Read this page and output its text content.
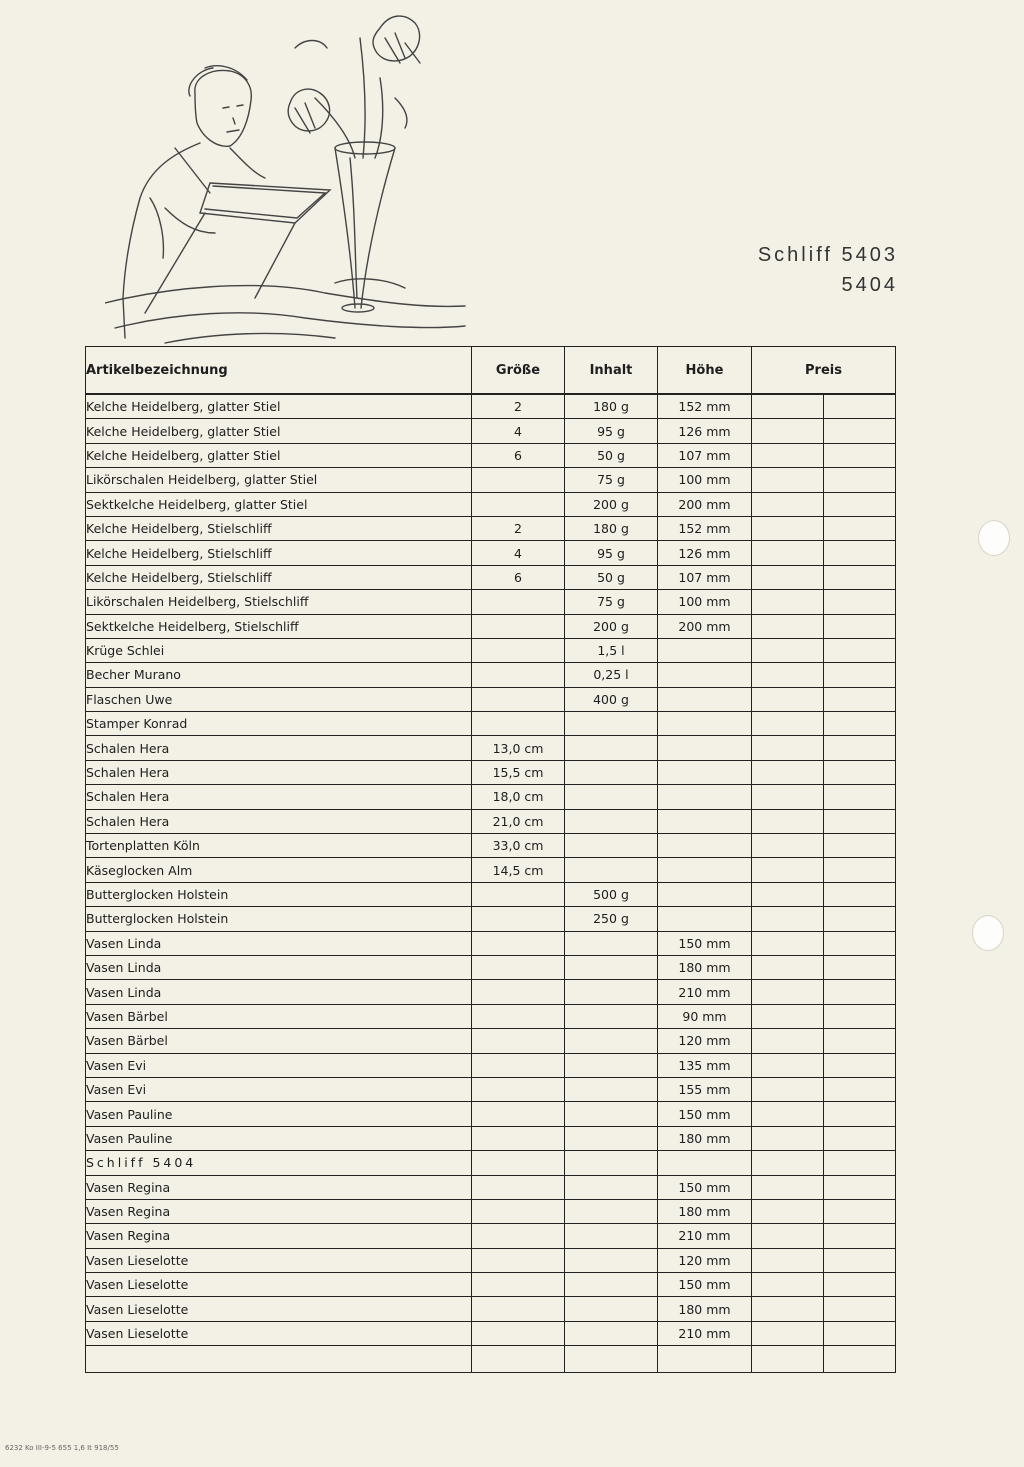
Schliff 5403
5404
Artikelbezeichnung	Größe	Inhalt	Höhe	Preis	
Kelche Heidelberg, glatter Stiel	2	180 g	152 mm		
Kelche Heidelberg, glatter Stiel	4	95 g	126 mm		
Kelche Heidelberg, glatter Stiel	6	50 g	107 mm		
Likörschalen Heidelberg, glatter Stiel		75 g	100 mm		
Sektkelche Heidelberg, glatter Stiel		200 g	200 mm		
Kelche Heidelberg, Stielschliff	2	180 g	152 mm		
Kelche Heidelberg, Stielschliff	4	95 g	126 mm		
Kelche Heidelberg, Stielschliff	6	50 g	107 mm		
Likörschalen Heidelberg, Stielschliff		75 g	100 mm		
Sektkelche Heidelberg, Stielschliff		200 g	200 mm		
Krüge Schlei		1,5 l			
Becher Murano		0,25 l			
Flaschen Uwe		400 g			
Stamper Konrad					
Schalen Hera	13,0 cm				
Schalen Hera	15,5 cm				
Schalen Hera	18,0 cm				
Schalen Hera	21,0 cm				
Tortenplatten Köln	33,0 cm				
Käseglocken Alm	14,5 cm				
Butterglocken Holstein		500 g			
Butterglocken Holstein		250 g			
Vasen Linda			150 mm		
Vasen Linda			180 mm		
Vasen Linda			210 mm		
Vasen Bärbel			90 mm		
Vasen Bärbel			120 mm		
Vasen Evi			135 mm		
Vasen Evi			155 mm		
Vasen Pauline			150 mm		
Vasen Pauline			180 mm		
Schliff 5404					
Vasen Regina			150 mm		
Vasen Regina			180 mm		
Vasen Regina			210 mm		
Vasen Lieselotte			120 mm		
Vasen Lieselotte			150 mm		
Vasen Lieselotte			180 mm		
Vasen Lieselotte			210 mm		

6232 Ko III-9-5 655 1,6 It 918/55
